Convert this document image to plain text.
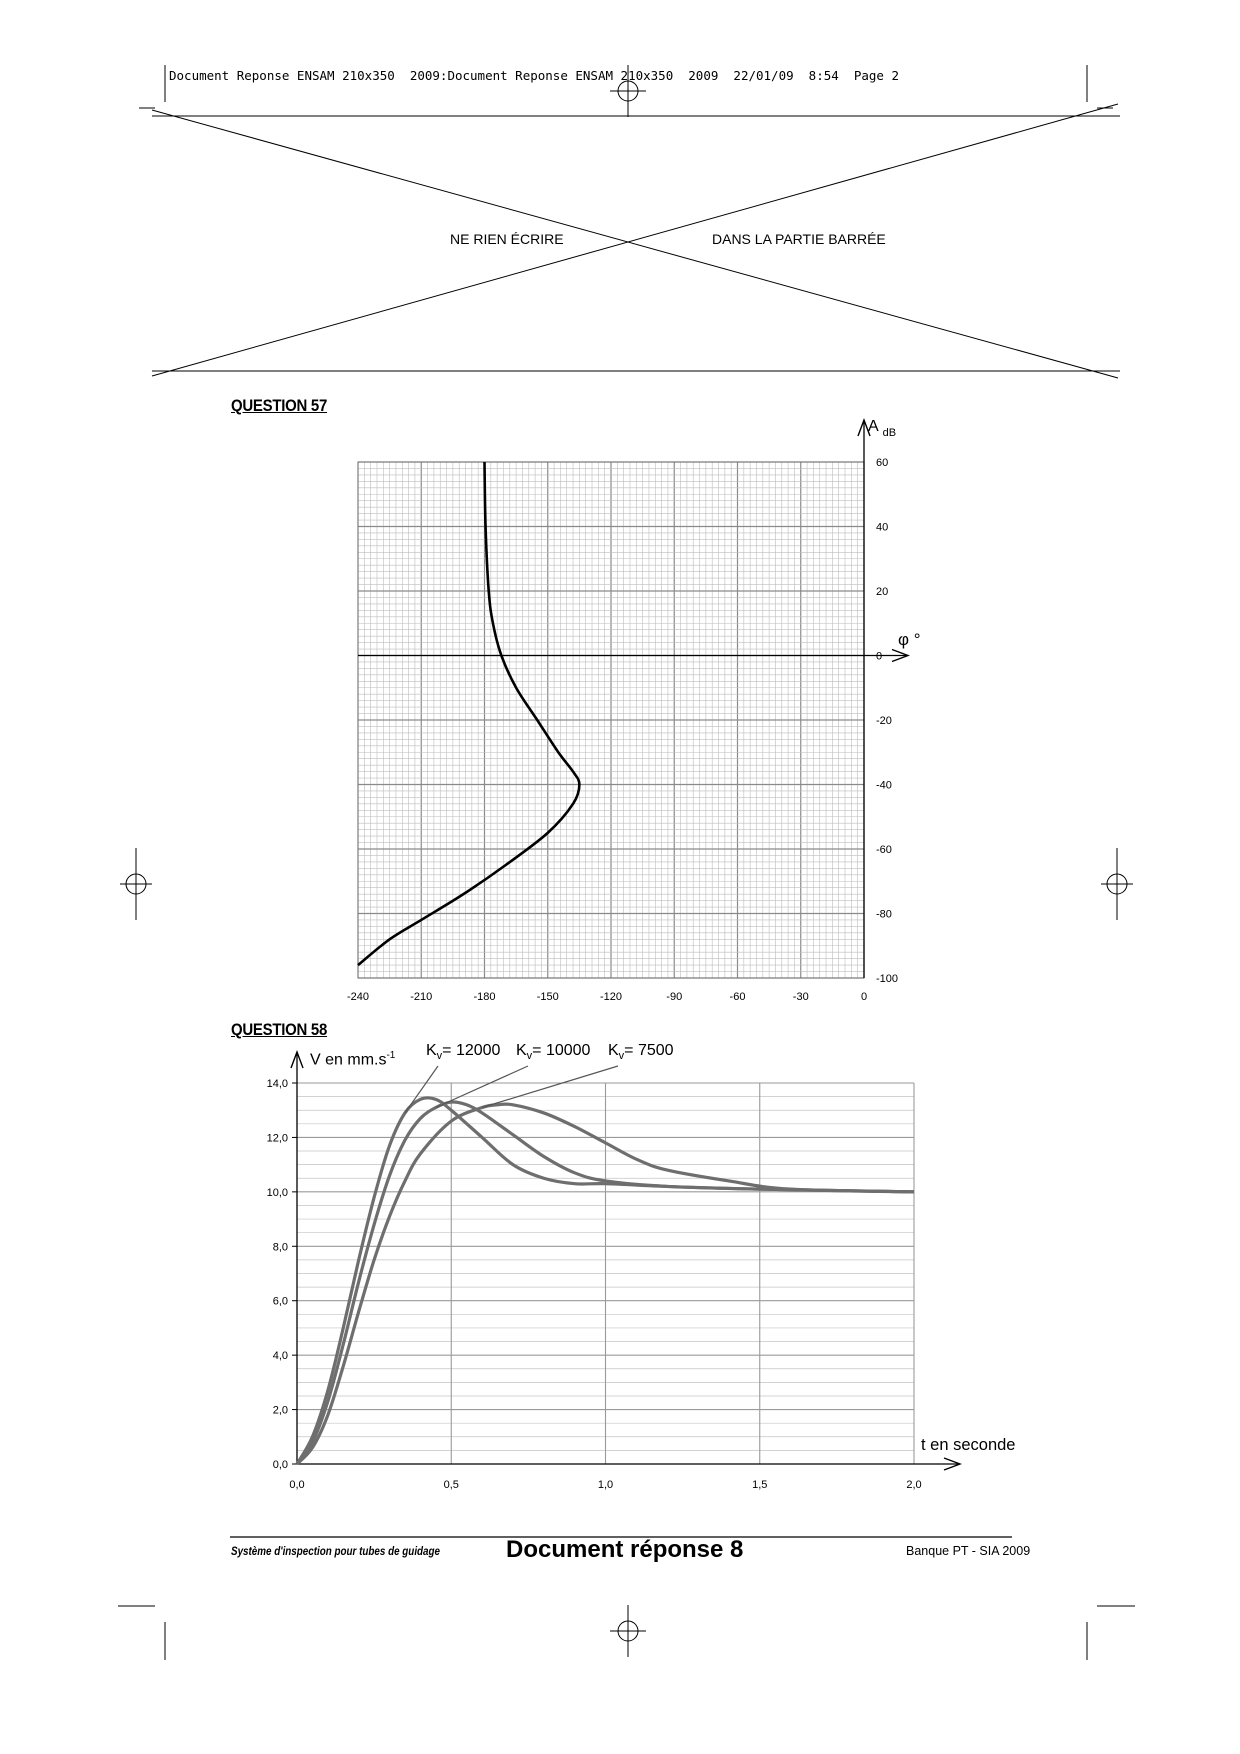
Document Reponse ENSAM 210x350  2009:Document Reponse ENSAM 210x350  2009  22/01/09  8:54  Page 2
NE RIEN ÉCRIRE	DANS LA PARTIE BARRÉE
QUESTION 57
-240	-210	-180	-150	-120	-90	-60	-30	0
60
40
20
0
-20
-40
-60
-80
-100
A $_{dB}$
φ °
QUESTION 58
0,0	0,5	1,0	1,5	2,0
14,0
12,0
10,0
8,0
6,0
4,0
2,0
0,0
V en $mm.s^{-1}$
t en seconde
$K_v= 12000$ $K_v= 10000$ $K_v= 7500$
Système d'inspection pour tubes de guidage	Document réponse 8	Banque PT - SIA 2009
